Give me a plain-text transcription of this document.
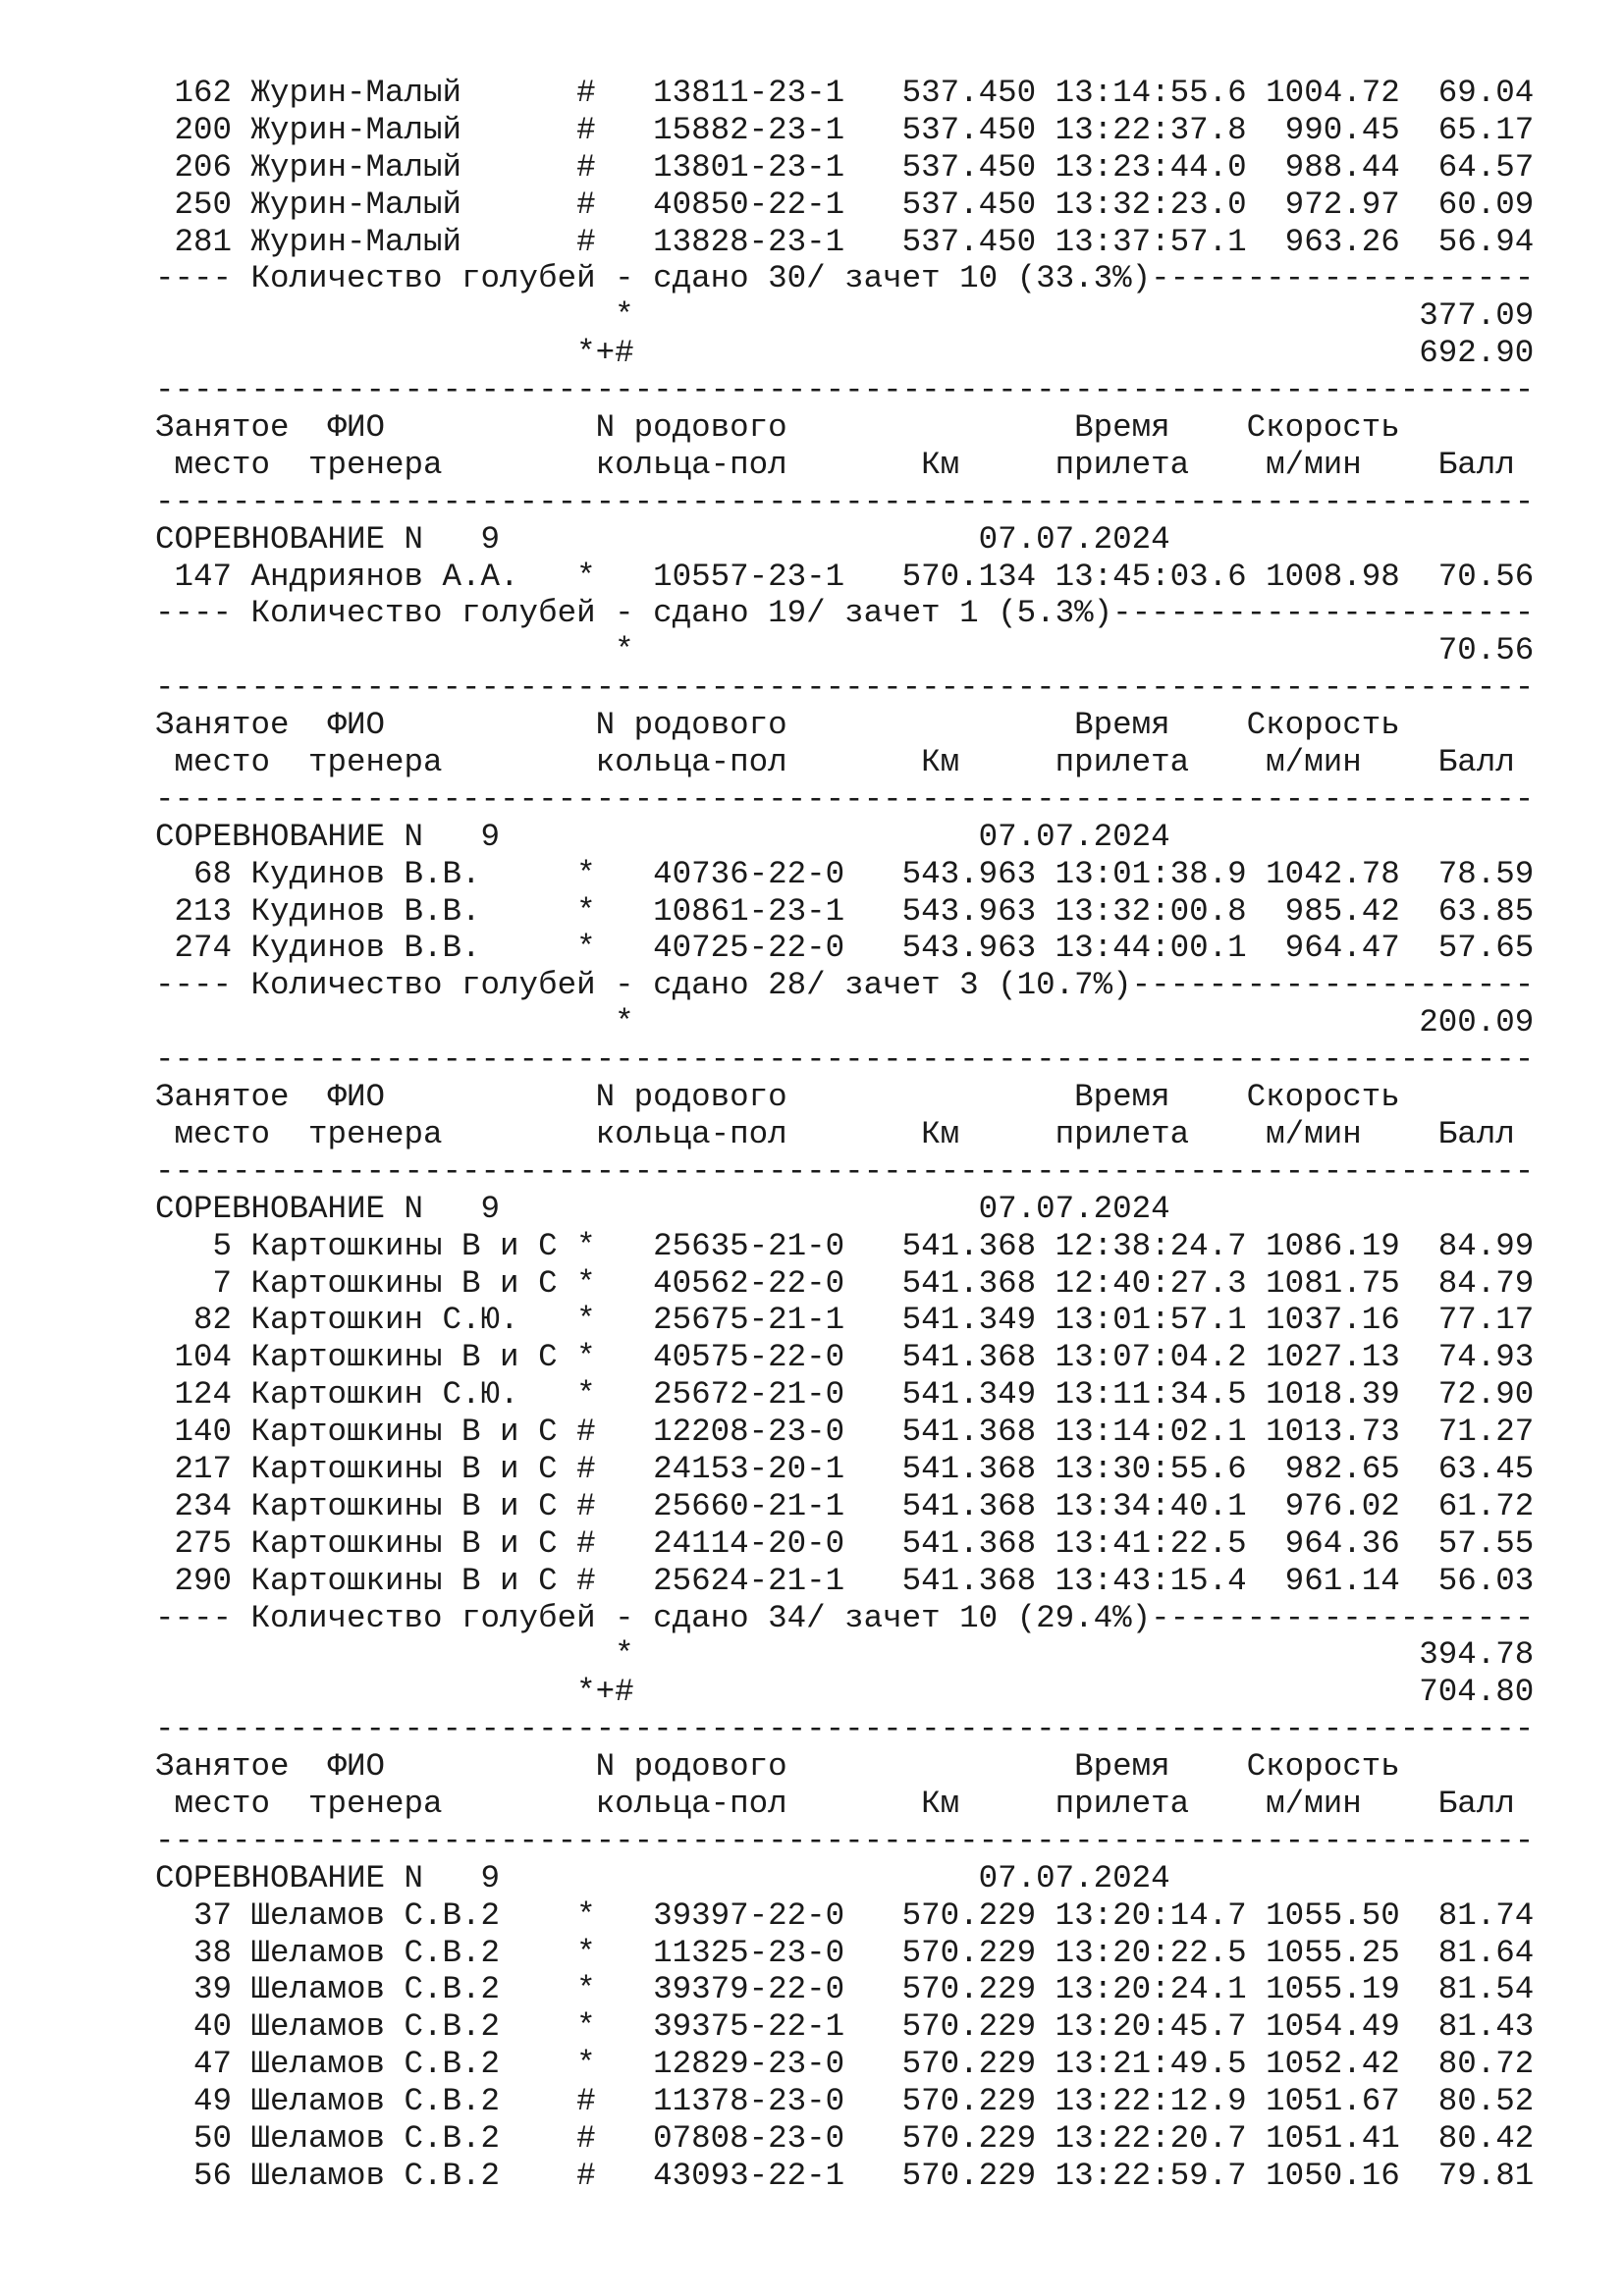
162 Журин-Малый      #   13811-23-1   537.450 13:14:55.6 1004.72  69.04
200 Журин-Малый      #   15882-23-1   537.450 13:22:37.8  990.45  65.17
206 Журин-Малый      #   13801-23-1   537.450 13:23:44.0  988.44  64.57
250 Журин-Малый      #   40850-22-1   537.450 13:32:23.0  972.97  60.09
281 Журин-Малый      #   13828-23-1   537.450 13:37:57.1  963.26  56.94
---- Количество голубей - сдано 30/ зачет 10 (33.3%)--------------------
*                                         377.09
*+#                                         692.90
------------------------------------------------------------------------
Занятое  ФИО           N родового               Время    Скорость
место  тренера        кольца-пол       Км     прилета    м/мин    Балл
------------------------------------------------------------------------
СОРЕВНОВАНИЕ N   9                         07.07.2024
147 Андриянов А.А.   *   10557-23-1   570.134 13:45:03.6 1008.98  70.56
---- Количество голубей - сдано 19/ зачет 1 (5.3%)----------------------
*                                          70.56
------------------------------------------------------------------------
Занятое  ФИО           N родового               Время    Скорость
место  тренера        кольца-пол       Км     прилета    м/мин    Балл
------------------------------------------------------------------------
СОРЕВНОВАНИЕ N   9                         07.07.2024
68 Кудинов В.В.     *   40736-22-0   543.963 13:01:38.9 1042.78  78.59
213 Кудинов В.В.     *   10861-23-1   543.963 13:32:00.8  985.42  63.85
274 Кудинов В.В.     *   40725-22-0   543.963 13:44:00.1  964.47  57.65
---- Количество голубей - сдано 28/ зачет 3 (10.7%)---------------------
*                                         200.09
------------------------------------------------------------------------
Занятое  ФИО           N родового               Время    Скорость
место  тренера        кольца-пол       Км     прилета    м/мин    Балл
------------------------------------------------------------------------
СОРЕВНОВАНИЕ N   9                         07.07.2024
5 Картошкины В и С *   25635-21-0   541.368 12:38:24.7 1086.19  84.99
7 Картошкины В и С *   40562-22-0   541.368 12:40:27.3 1081.75  84.79
82 Картошкин С.Ю.   *   25675-21-1   541.349 13:01:57.1 1037.16  77.17
104 Картошкины В и С *   40575-22-0   541.368 13:07:04.2 1027.13  74.93
124 Картошкин С.Ю.   *   25672-21-0   541.349 13:11:34.5 1018.39  72.90
140 Картошкины В и С #   12208-23-0   541.368 13:14:02.1 1013.73  71.27
217 Картошкины В и С #   24153-20-1   541.368 13:30:55.6  982.65  63.45
234 Картошкины В и С #   25660-21-1   541.368 13:34:40.1  976.02  61.72
275 Картошкины В и С #   24114-20-0   541.368 13:41:22.5  964.36  57.55
290 Картошкины В и С #   25624-21-1   541.368 13:43:15.4  961.14  56.03
---- Количество голубей - сдано 34/ зачет 10 (29.4%)--------------------
*                                         394.78
*+#                                         704.80
------------------------------------------------------------------------
Занятое  ФИО           N родового               Время    Скорость
место  тренера        кольца-пол       Км     прилета    м/мин    Балл
------------------------------------------------------------------------
СОРЕВНОВАНИЕ N   9                         07.07.2024
37 Шеламов С.В.2    *   39397-22-0   570.229 13:20:14.7 1055.50  81.74
38 Шеламов С.В.2    *   11325-23-0   570.229 13:20:22.5 1055.25  81.64
39 Шеламов С.В.2    *   39379-22-0   570.229 13:20:24.1 1055.19  81.54
40 Шеламов С.В.2    *   39375-22-1   570.229 13:20:45.7 1054.49  81.43
47 Шеламов С.В.2    *   12829-23-0   570.229 13:21:49.5 1052.42  80.72
49 Шеламов С.В.2    #   11378-23-0   570.229 13:22:12.9 1051.67  80.52
50 Шеламов С.В.2    #   07808-23-0   570.229 13:22:20.7 1051.41  80.42
56 Шеламов С.В.2    #   43093-22-1   570.229 13:22:59.7 1050.16  79.81
